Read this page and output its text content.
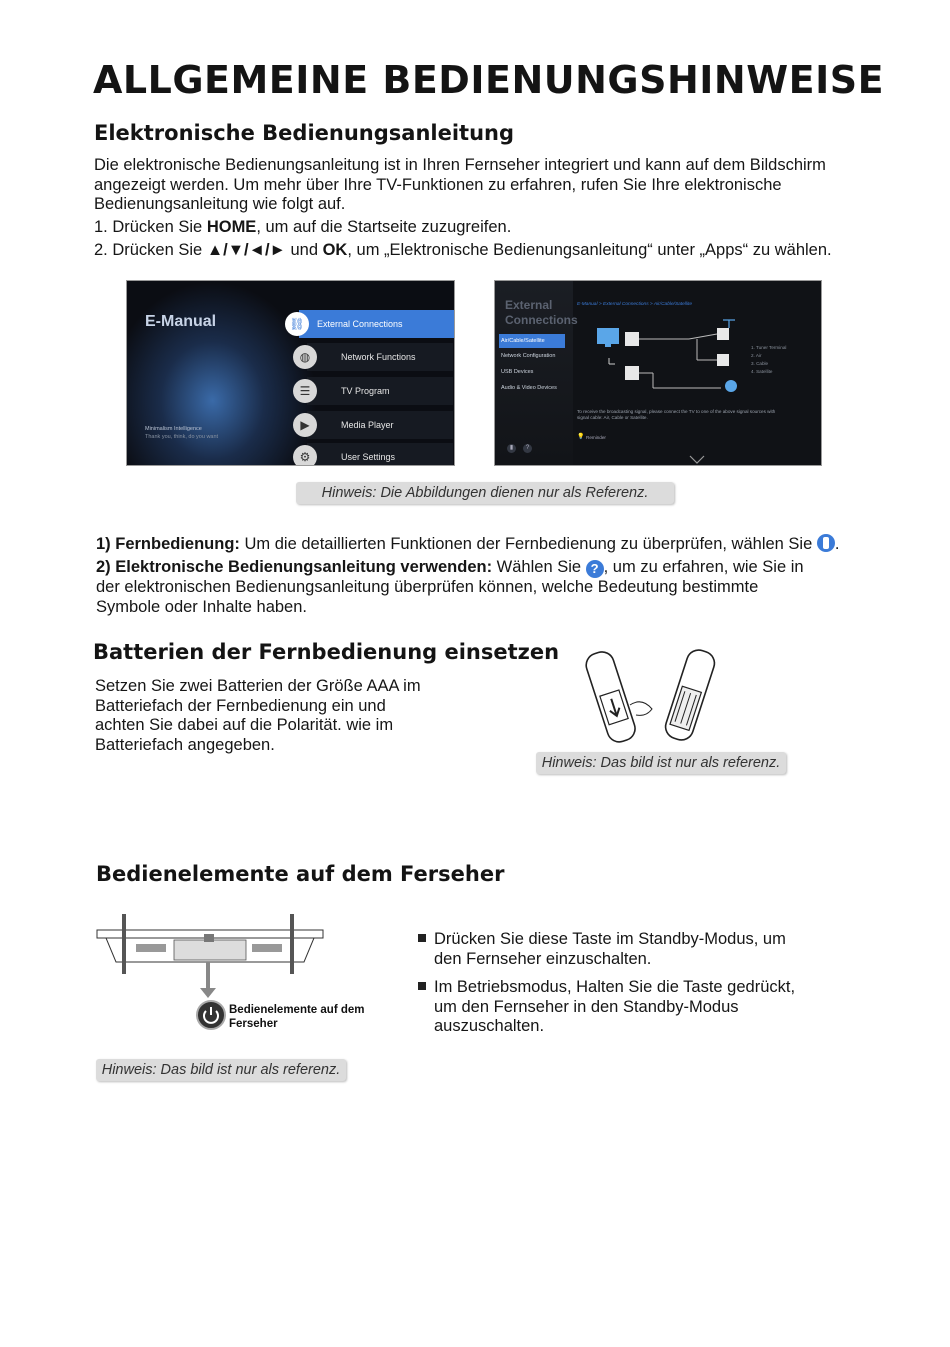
ALLGEMEINE BEDIENUNGSHINWEISE
Elektronische Bedienungsanleitung
Die elektronische Bedienungsanleitung ist in Ihren Fernseher integriert und kann auf dem Bildschirm angezeigt werden. Um mehr über Ihre TV-Funktionen zu erfahren, rufen Sie Ihre elektronische Bedienungsanleitung wie folgt auf.
1. Drücken Sie HOME, um auf die Startseite zuzugreifen.
2. Drücken Sie ▲/▼/◄/► und OK, um „Elektronische Bedienungsanleitung“ unter „Apps“ zu wählen.
E-Manual
Minimalism Intelligence
Thank you, think, do you want
⛓	External Connections
◍	Network Functions
☰	TV Program
▶	Media Player
⚙	User Settings
External
Connections
Air/Cable/Satellite
Network Configuration
USB Devices
Audio & Video Devices
E-Manual > External Connections > Air/Cable/Satellite
1. Tuner Terminal
2. Air
3. Cable
4. Satellite
To receive the broadcasting signal, please connect the TV to one of the above signal sources with signal cable: Air, Cable or Satellite.
💡 Reminder
▮	?
Hinweis: Die Abbildungen dienen nur als Referenz.
1) Fernbedienung: Um die detaillierten Funktionen der Fernbedienung zu überprüfen, wählen Sie
.
2) Elektronische Bedienungsanleitung verwenden: Wählen Sie ? , um zu erfahren, wie Sie in der elektronischen Bedienungsanleitung überprüfen können, welche Bedeutung bestimmte Symbole oder Inhalte haben.
Batterien der Fernbedienung einsetzen
Setzen Sie zwei Batterien der Größe AAA im Batteriefach der Fernbedienung ein und achten Sie dabei auf die Polarität. wie im Batteriefach angegeben.
Hinweis: Das bild ist nur als referenz.
Bedienelemente auf dem Ferseher
Bedienelemente auf dem Ferseher
Hinweis: Das bild ist nur als referenz.
Drücken Sie diese Taste im Standby-Modus, um den Fernseher einzuschalten.
Im Betriebsmodus, Halten Sie die Taste gedrückt, um den Fernseher in den Standby-Modus auszuschalten.
